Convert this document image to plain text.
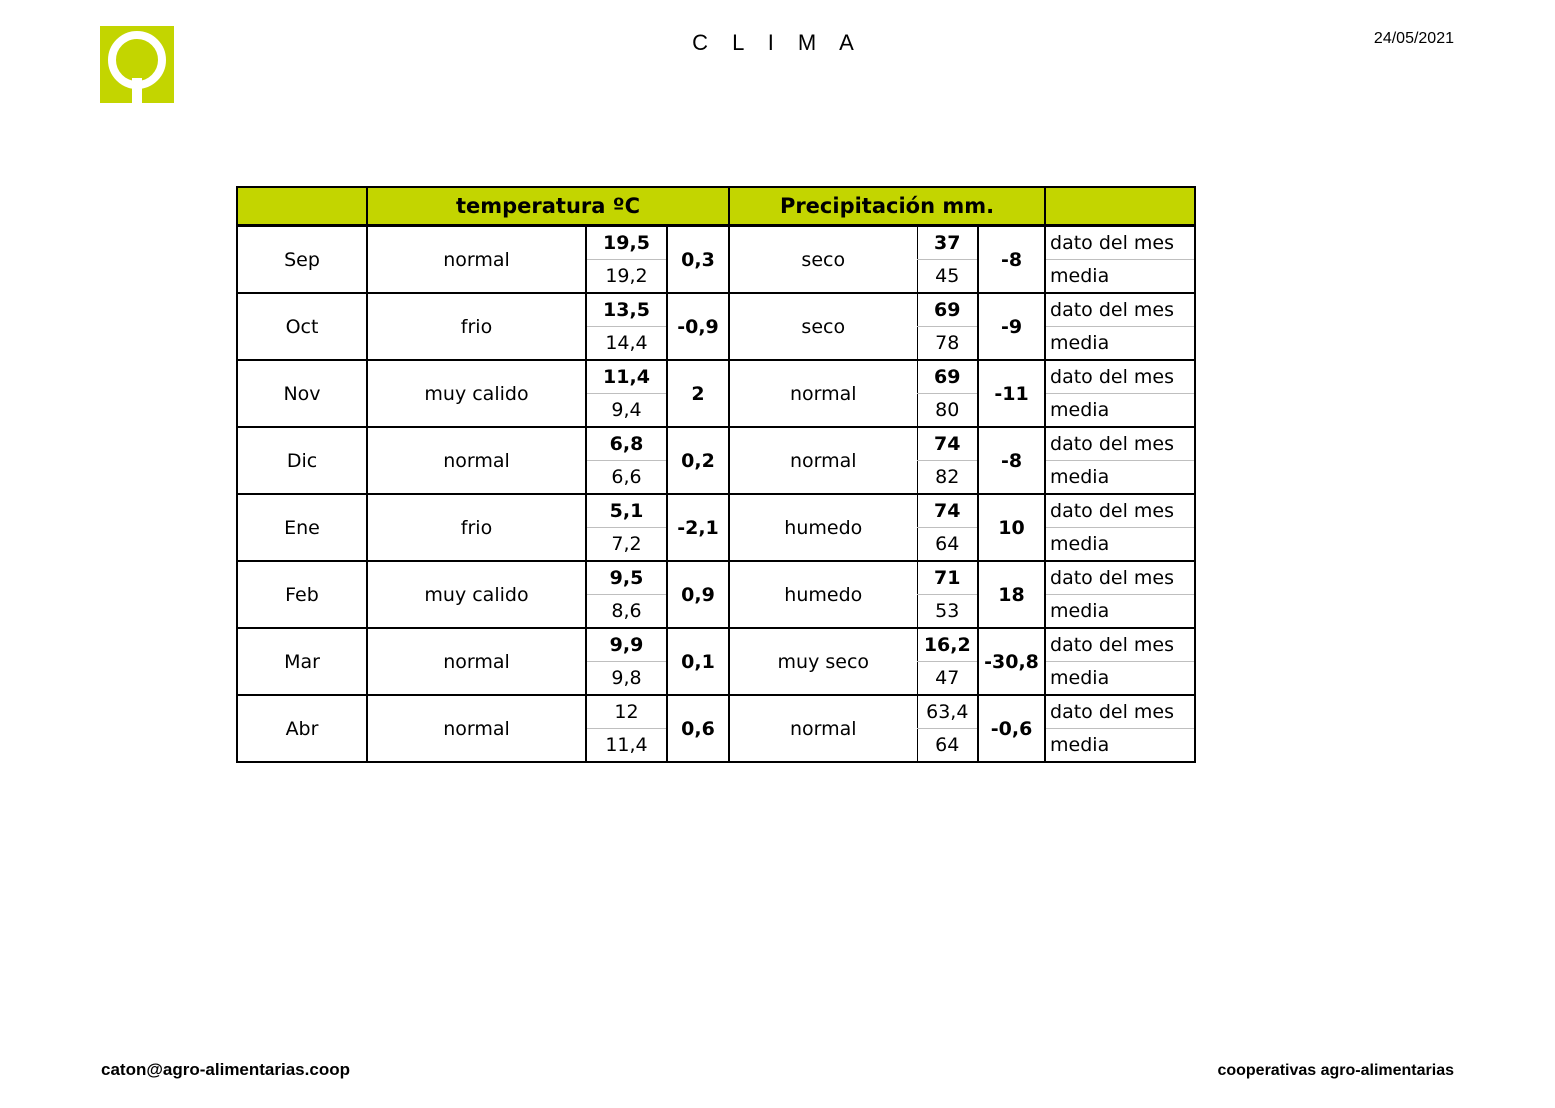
C L I M A	24/05/2021
	temperatura ºC			Precipitación mm.			
Sep	normal	19,5	0,3	seco	37	-8	dato del mes
		19,2			45		media
Oct	frio	13,5	-0,9	seco	69	-9	dato del mes
		14,4			78		media
Nov	muy calido	11,4	2	normal	69	-11	dato del mes
		9,4			80		media
Dic	normal	6,8	0,2	normal	74	-8	dato del mes
		6,6			82		media
Ene	frio	5,1	-2,1	humedo	74	10	dato del mes
		7,2			64		media
Feb	muy calido	9,5	0,9	humedo	71	18	dato del mes
		8,6			53		media
Mar	normal	9,9	0,1	muy seco	16,2	-30,8	dato del mes
		9,8			47		media
Abr	normal	12	0,6	normal	63,4	-0,6	dato del mes
		11,4			64		media
caton@agro-alimentarias.coop	cooperativas agro-alimentarias
